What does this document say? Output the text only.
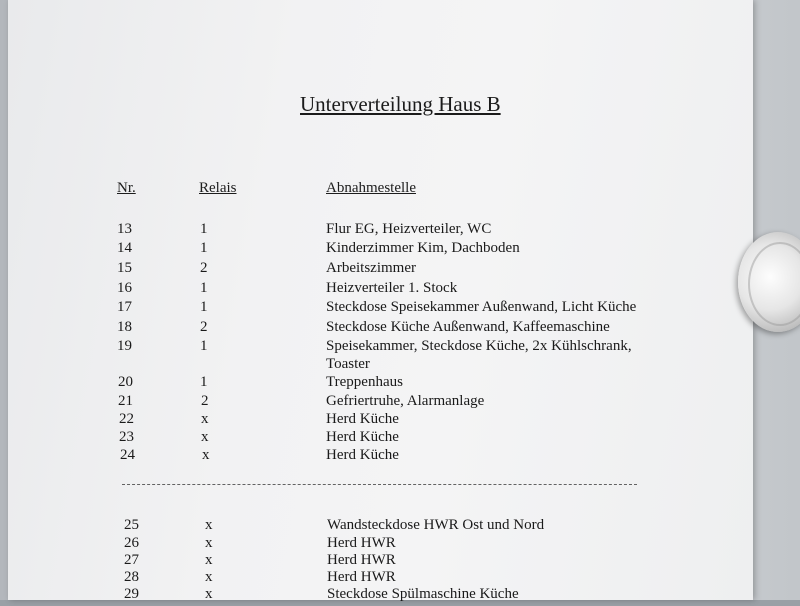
Unterverteilung Haus B
Nr.	Relais	Abnahmestelle
13	1	Flur EG, Heizverteiler, WC
14	1	Kinderzimmer Kim, Dachboden
15	2	Arbeitszimmer
16	1	Heizverteiler 1. Stock
17	1	Steckdose Speisekammer Außenwand, Licht Küche
18	2	Steckdose Küche Außenwand, Kaffeemaschine
19	1	Speisekammer, Steckdose Küche, 2x Kühlschrank,
Toaster
20	1	Treppenhaus
21	2	Gefriertruhe, Alarmanlage
22	x	Herd Küche
23	x	Herd Küche
24	x	Herd Küche
25	x	Wandsteckdose HWR Ost und Nord
26	x	Herd HWR
27	x	Herd HWR
28	x	Herd HWR
29	x	Steckdose Spülmaschine Küche
